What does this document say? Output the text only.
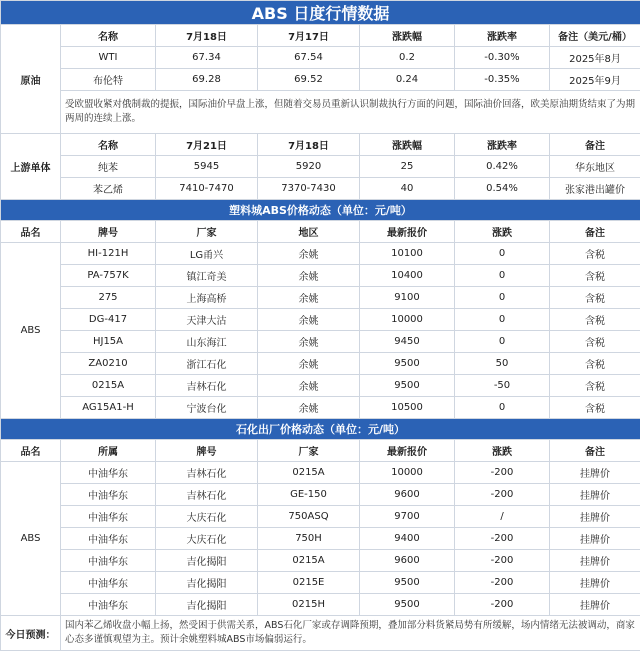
ABS 日度行情数据						
原油	名称	7月18日	7月17日	涨跌幅	涨跌率	备注（美元/桶）
	WTI	67.34	67.54	0.2	-0.30%	2025年8月
	布伦特	69.28	69.52	0.24	-0.35%	2025年9月
	受欧盟收紧对俄制裁的提振，国际油价早盘上涨，但随着交易员重新认识制裁执行方面的问题，国际油价回落，欧美原油期货结束了为期两周的连续上涨。					
上游单体	名称	7月21日	7月18日	涨跌幅	涨跌率	备注
	纯苯	5945	5920	25	0.42%	华东地区
	苯乙烯	7410-7470	7370-7430	40	0.54%	张家港出罐价
塑料城ABS价格动态（单位：元/吨）						
品名	牌号	厂家	地区	最新报价	涨跌	备注
ABS	HI-121H	LG甬兴	余姚	10100	0	含税
	PA-757K	镇江奇美	余姚	10400	0	含税
	275	上海高桥	余姚	9100	0	含税
	DG-417	天津大沽	余姚	10000	0	含税
	HJ15A	山东海江	余姚	9450	0	含税
	ZA0210	浙江石化	余姚	9500	50	含税
	0215A	吉林石化	余姚	9500	-50	含税
	AG15A1-H	宁波台化	余姚	10500	0	含税
石化出厂价格动态（单位：元/吨）						
品名	所属	牌号	厂家	最新报价	涨跌	备注
ABS	中油华东	吉林石化	0215A	10000	-200	挂牌价
	中油华东	吉林石化	GE-150	9600	-200	挂牌价
	中油华东	大庆石化	750ASQ	9700	/	挂牌价
	中油华东	大庆石化	750H	9400	-200	挂牌价
	中油华东	吉化揭阳	0215A	9600	-200	挂牌价
	中油华东	吉化揭阳	0215E	9500	-200	挂牌价
	中油华东	吉化揭阳	0215H	9500	-200	挂牌价
今日预测：	国内苯乙烯收盘小幅上扬，然受困于供需关系，ABS石化厂家或存调降预期，叠加部分料货紧局势有所缓解，场内情绪无法被调动，商家心态多谨慎观望为主。预计余姚塑料城ABS市场偏弱运行。					
